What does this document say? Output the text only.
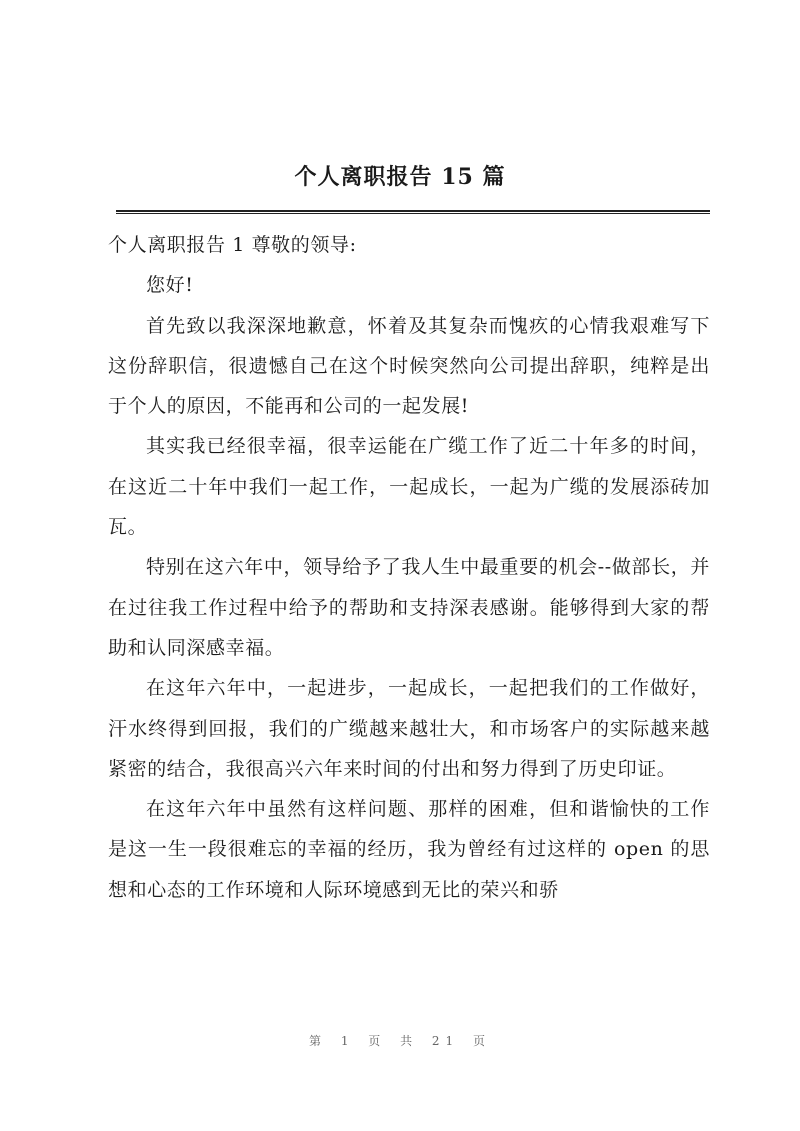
个人离职报告 15 篇

个人离职报告 1 尊敬的领导:

您好!

首先致以我深深地歉意，怀着及其复杂而愧疚的心情我艰难写下这份辞职信，很遗憾自己在这个时候突然向公司提出辞职，纯粹是出于个人的原因，不能再和公司的一起发展!

其实我已经很幸福，很幸运能在广缆工作了近二十年多的时间，在这近二十年中我们一起工作，一起成长，一起为广缆的发展添砖加瓦。

特别在这六年中，领导给予了我人生中最重要的机会--做部长，并在过往我工作过程中给予的帮助和支持深表感谢。能够得到大家的帮助和认同深感幸福。

在这年六年中，一起进步，一起成长，一起把我们的工作做好，汗水终得到回报，我们的广缆越来越壮大，和市场客户的实际越来越紧密的结合，我很高兴六年来时间的付出和努力得到了历史印证。

在这年六年中虽然有这样问题、那样的困难，但和谐愉快的工作是这一生一段很难忘的幸福的经历，我为曾经有过这样的 open 的思想和心态的工作环境和人际环境感到无比的荣兴和骄

第 1 页 共 21 页
